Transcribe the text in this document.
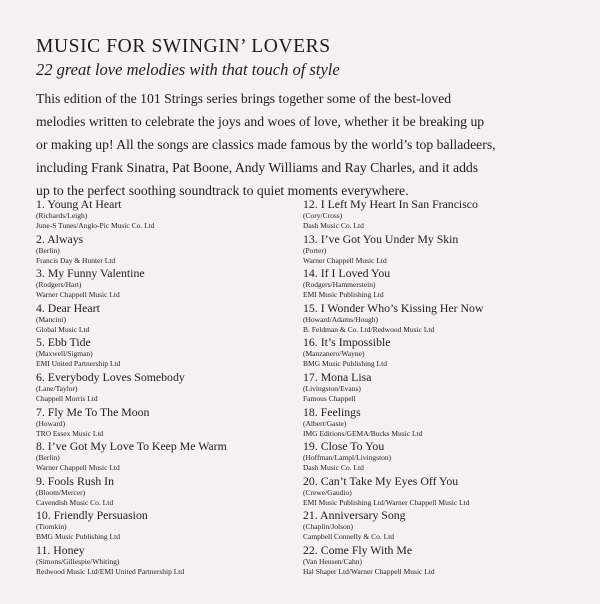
MUSIC FOR SWINGIN’ LOVERS
22 great love melodies with that touch of style
This edition of the 101 Strings series brings together some of the best-loved
melodies written to celebrate the joys and woes of love, whether it be breaking up
or making up! All the songs are classics made famous by the world’s top balladeers,
including Frank Sinatra, Pat Boone, Andy Williams and Ray Charles, and it adds
up to the perfect soothing soundtrack to quiet moments everywhere.
1. Young At Heart
(Richards/Leigh)
June-S Tunes/Anglo-Pic Music Co. Ltd
2. Always
(Berlin)
Francis Day & Hunter Ltd
3. My Funny Valentine
(Rodgers/Hart)
Warner Chappell Music Ltd
4. Dear Heart
(Mancini)
Global Music Ltd
5. Ebb Tide
(Maxwell/Sigman)
EMI United Partnership Ltd
6. Everybody Loves Somebody
(Lane/Taylor)
Chappell Morris Ltd
7. Fly Me To The Moon
(Howard)
TRO Essex Music Ltd
8. I’ve Got My Love To Keep Me Warm
(Berlin)
Warner Chappell Music Ltd
9. Fools Rush In
(Bloom/Mercer)
Cavendish Music Co. Ltd
10. Friendly Persuasion
(Tiomkin)
BMG Music Publishing Ltd
11. Honey
(Simons/Gillespie/Whiting)
Redwood Music Ltd/EMI United Partnership Ltd
12. I Left My Heart In San Francisco
(Cory/Cross)
Dash Music Co. Ltd
13. I’ve Got You Under My Skin
(Porter)
Warner Chappell Music Ltd
14. If I Loved You
(Rodgers/Hammerstein)
EMI Music Publishing Ltd
15. I Wonder Who’s Kissing Her Now
(Howard/Adams/Hough)
B. Feldman & Co. Ltd/Redwood Music Ltd
16. It’s Impossible
(Manzanero/Wayne)
BMG Music Publishing Ltd
17. Mona Lisa
(Livingston/Evans)
Famous Chappell
18. Feelings
(Albert/Gaste)
IMG Editions/GEMA/Bucks Music Ltd
19. Close To You
(Hoffman/Lampl/Livingston)
Dash Music Co. Ltd
20. Can’t Take My Eyes Off You
(Crewe/Gaudio)
EMI Music Publishing Ltd/Warner Chappell Music Ltd
21. Anniversary Song
(Chaplin/Jolson)
Campbell Connelly & Co. Ltd
22. Come Fly With Me
(Van Heusen/Cahn)
Hal Shaper Ltd/Warner Chappell Music Ltd
